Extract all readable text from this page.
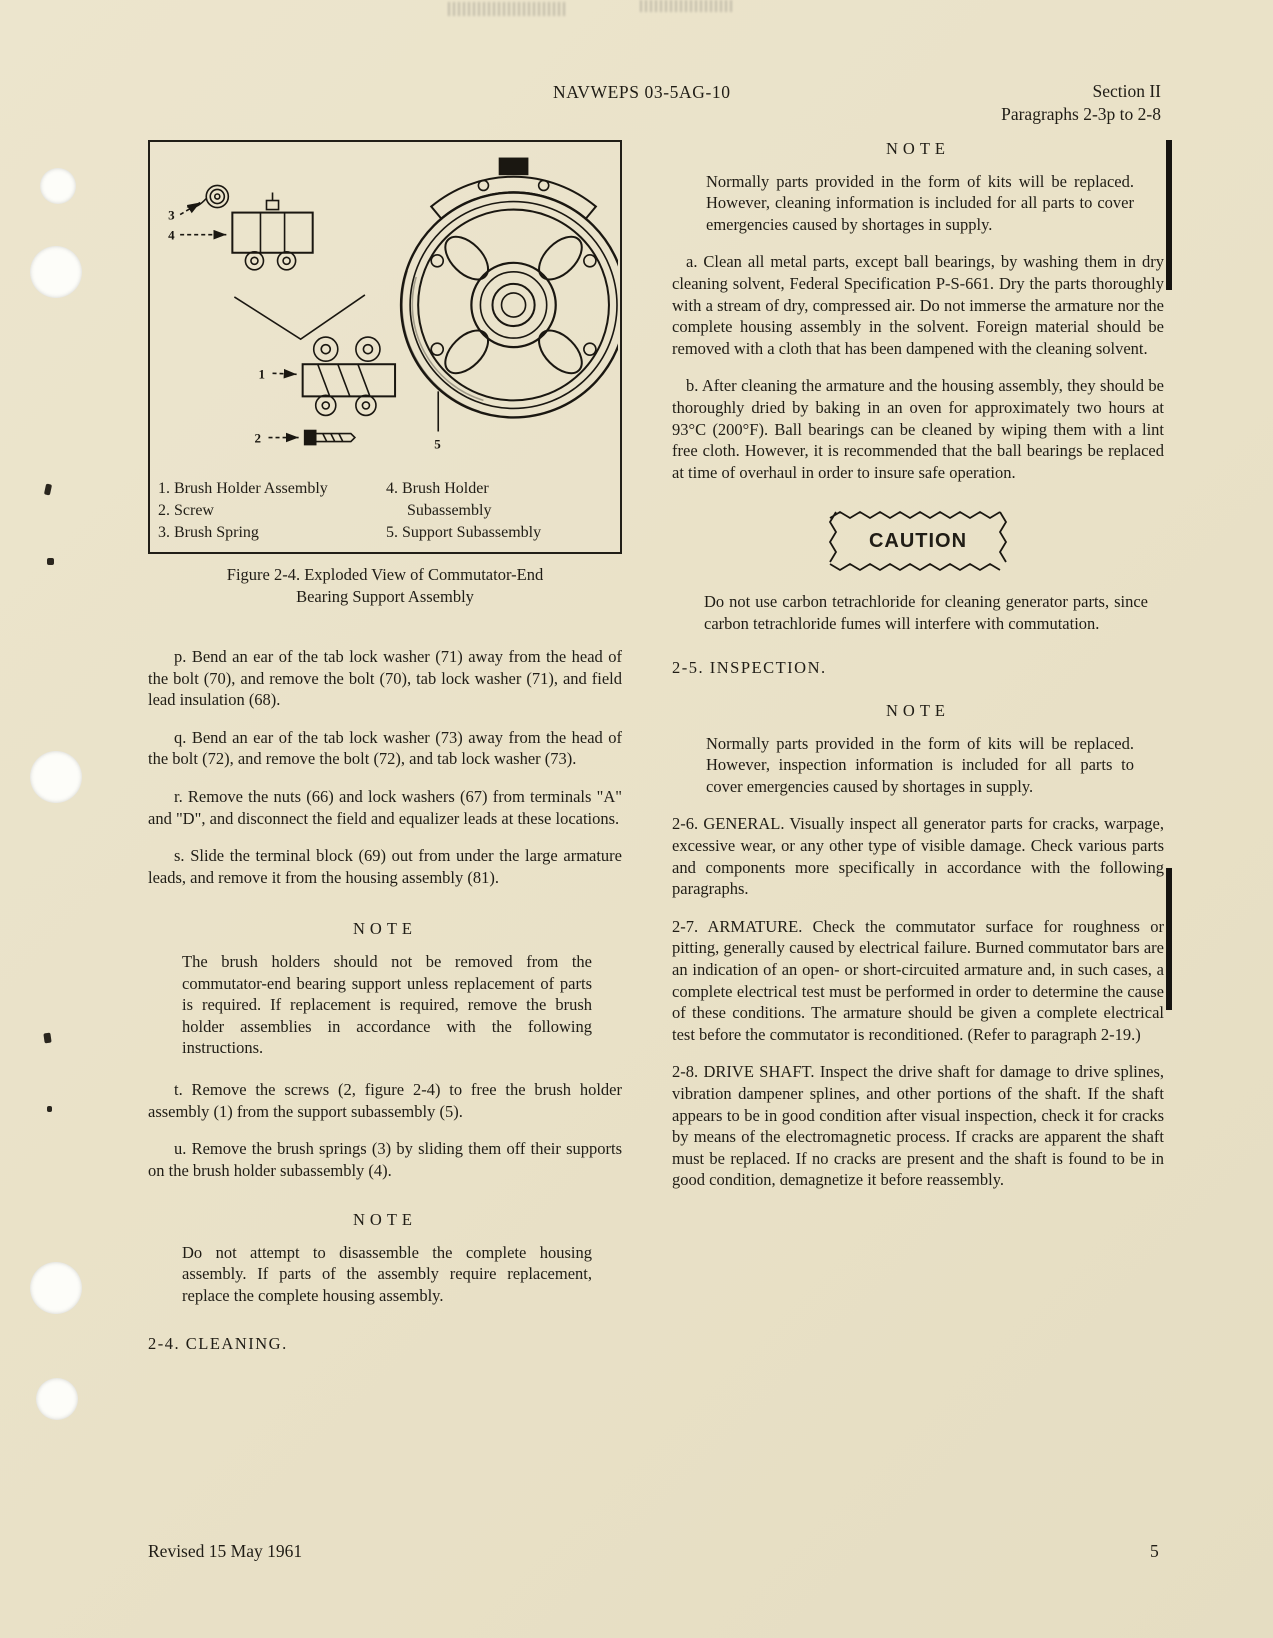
NAVWEPS 03-5AG-10	Section II
Paragraphs 2-3p to 2-8
3
4
1
2	5
1. Brush Holder Assembly
2. Screw
3. Brush Spring
4. Brush Holder
Subassembly
5. Support Subassembly
Figure 2-4. Exploded View of Commutator-End
Bearing Support Assembly

p. Bend an ear of the tab lock washer (71) away from the head of the bolt (70), and remove the bolt (70), tab lock washer (71), and field lead insulation (68).

q. Bend an ear of the tab lock washer (73) away from the head of the bolt (72), and remove the bolt (72), and tab lock washer (73).

r. Remove the nuts (66) and lock washers (67) from terminals "A" and "D", and disconnect the field and equalizer leads at these locations.

s. Slide the terminal block (69) out from under the large armature leads, and remove it from the housing assembly (81).

NOTE

The brush holders should not be removed from the commutator-end bearing support unless replacement of parts is required. If replacement is required, remove the brush holder assemblies in accordance with the following instructions.

t. Remove the screws (2, figure 2-4) to free the brush holder assembly (1) from the support subassembly (5).

u. Remove the brush springs (3) by sliding them off their supports on the brush holder subassembly (4).

NOTE

Do not attempt to disassemble the complete housing assembly. If parts of the assembly require replacement, replace the complete housing assembly.

2-4. CLEANING.
NOTE

Normally parts provided in the form of kits will be replaced. However, cleaning information is included for all parts to cover emergencies caused by shortages in supply.

a. Clean all metal parts, except ball bearings, by washing them in dry cleaning solvent, Federal Specification P-S-661. Dry the parts thoroughly with a stream of dry, compressed air. Do not immerse the armature nor the complete housing assembly in the solvent. Foreign material should be removed with a cloth that has been dampened with the cleaning solvent.

b. After cleaning the armature and the housing assembly, they should be thoroughly dried by baking in an oven for approximately two hours at 93°C (200°F). Ball bearings can be cleaned by wiping them with a lint free cloth. However, it is recommended that the ball bearings be replaced at time of overhaul in order to insure safe operation.

CAUTION

Do not use carbon tetrachloride for cleaning generator parts, since carbon tetrachloride fumes will interfere with commutation.

2-5. INSPECTION.
NOTE

Normally parts provided in the form of kits will be replaced. However, inspection information is included for all parts to cover emergencies caused by shortages in supply.

2-6. GENERAL. Visually inspect all generator parts for cracks, warpage, excessive wear, or any other type of visible damage. Check various parts and components more specifically in accordance with the following paragraphs.

2-7. ARMATURE. Check the commutator surface for roughness or pitting, generally caused by electrical failure. Burned commutator bars are an indication of an open- or short-circuited armature and, in such cases, a complete electrical test must be performed in order to determine the cause of these conditions. The armature should be given a complete electrical test before the commutator is reconditioned. (Refer to paragraph 2-19.)

2-8. DRIVE SHAFT. Inspect the drive shaft for damage to drive splines, vibration dampener splines, and other portions of the shaft. If the shaft appears to be in good condition after visual inspection, check it for cracks by means of the electromagnetic process. If cracks are apparent the shaft must be replaced. If no cracks are present and the shaft is found to be in good condition, demagnetize it before reassembly.

Revised 15 May 1961	5
